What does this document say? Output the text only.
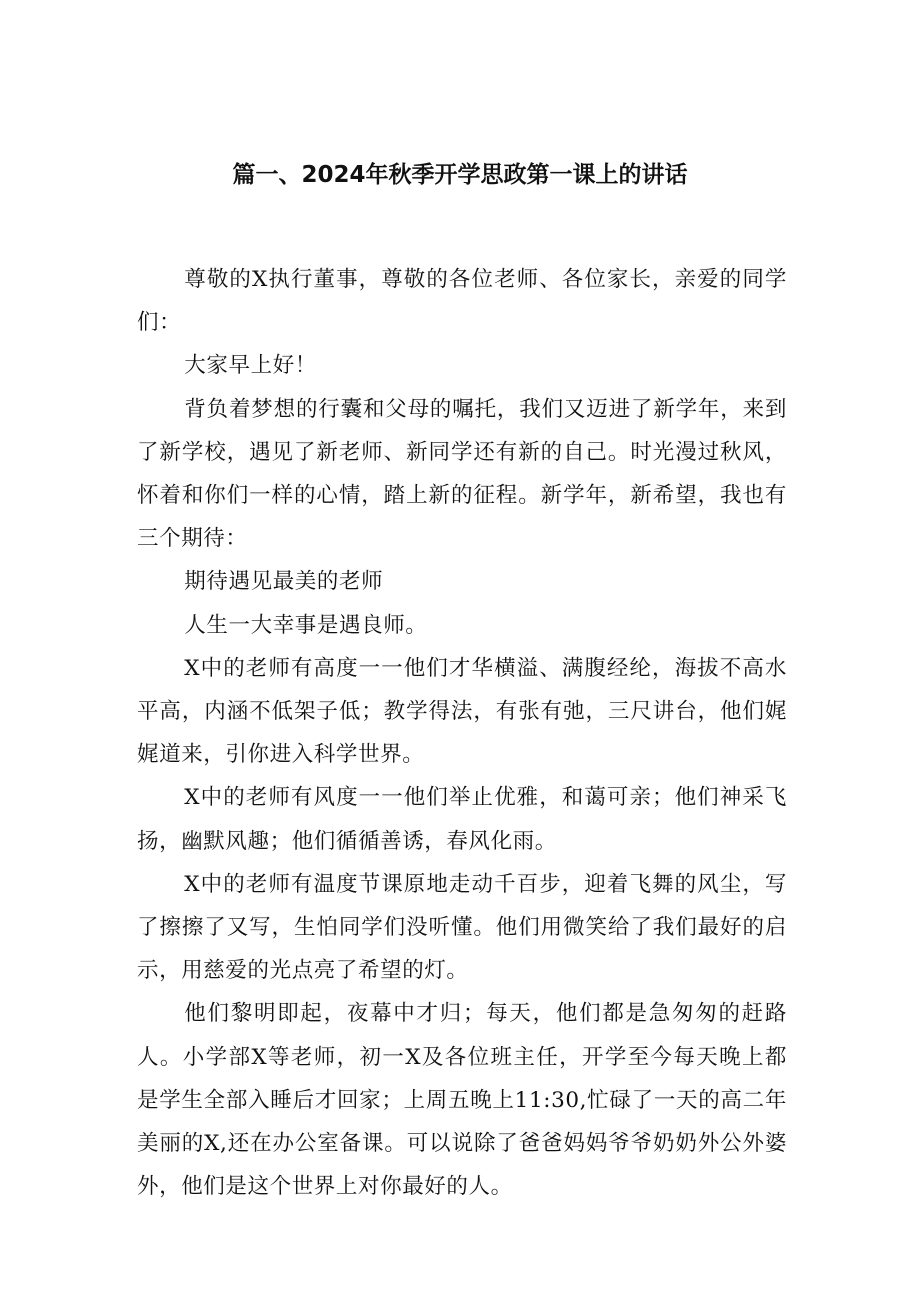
篇一、2024年秋季开学思政第一课上的讲话

尊敬的X执行董事，尊敬的各位老师、各位家长，亲爱的同学们：

大家早上好！

背负着梦想的行囊和父母的嘱托，我们又迈进了新学年，来到了新学校，遇见了新老师、新同学还有新的自己。时光漫过秋风，怀着和你们一样的心情，踏上新的征程。新学年，新希望，我也有三个期待：

期待遇见最美的老师

人生一大幸事是遇良师。

X中的老师有高度一一他们才华横溢、满腹经纶，海拔不高水平高，内涵不低架子低；教学得法，有张有弛，三尺讲台，他们娓娓道来，引你进入科学世界。

X中的老师有风度一一他们举止优雅，和蔼可亲；他们神采飞扬，幽默风趣；他们循循善诱，春风化雨。

X中的老师有温度节课原地走动千百步，迎着飞舞的风尘，写了擦擦了又写，生怕同学们没听懂。他们用微笑给了我们最好的启示，用慈爱的光点亮了希望的灯。

他们黎明即起，夜幕中才归；每天，他们都是急匆匆的赶路人。小学部X等老师，初一X及各位班主任，开学至今每天晚上都是学生全部入睡后才回家；上周五晚上11:30,忙碌了一天的高二年美丽的X,还在办公室备课。可以说除了爸爸妈妈爷爷奶奶外公外婆外，他们是这个世界上对你最好的人。
